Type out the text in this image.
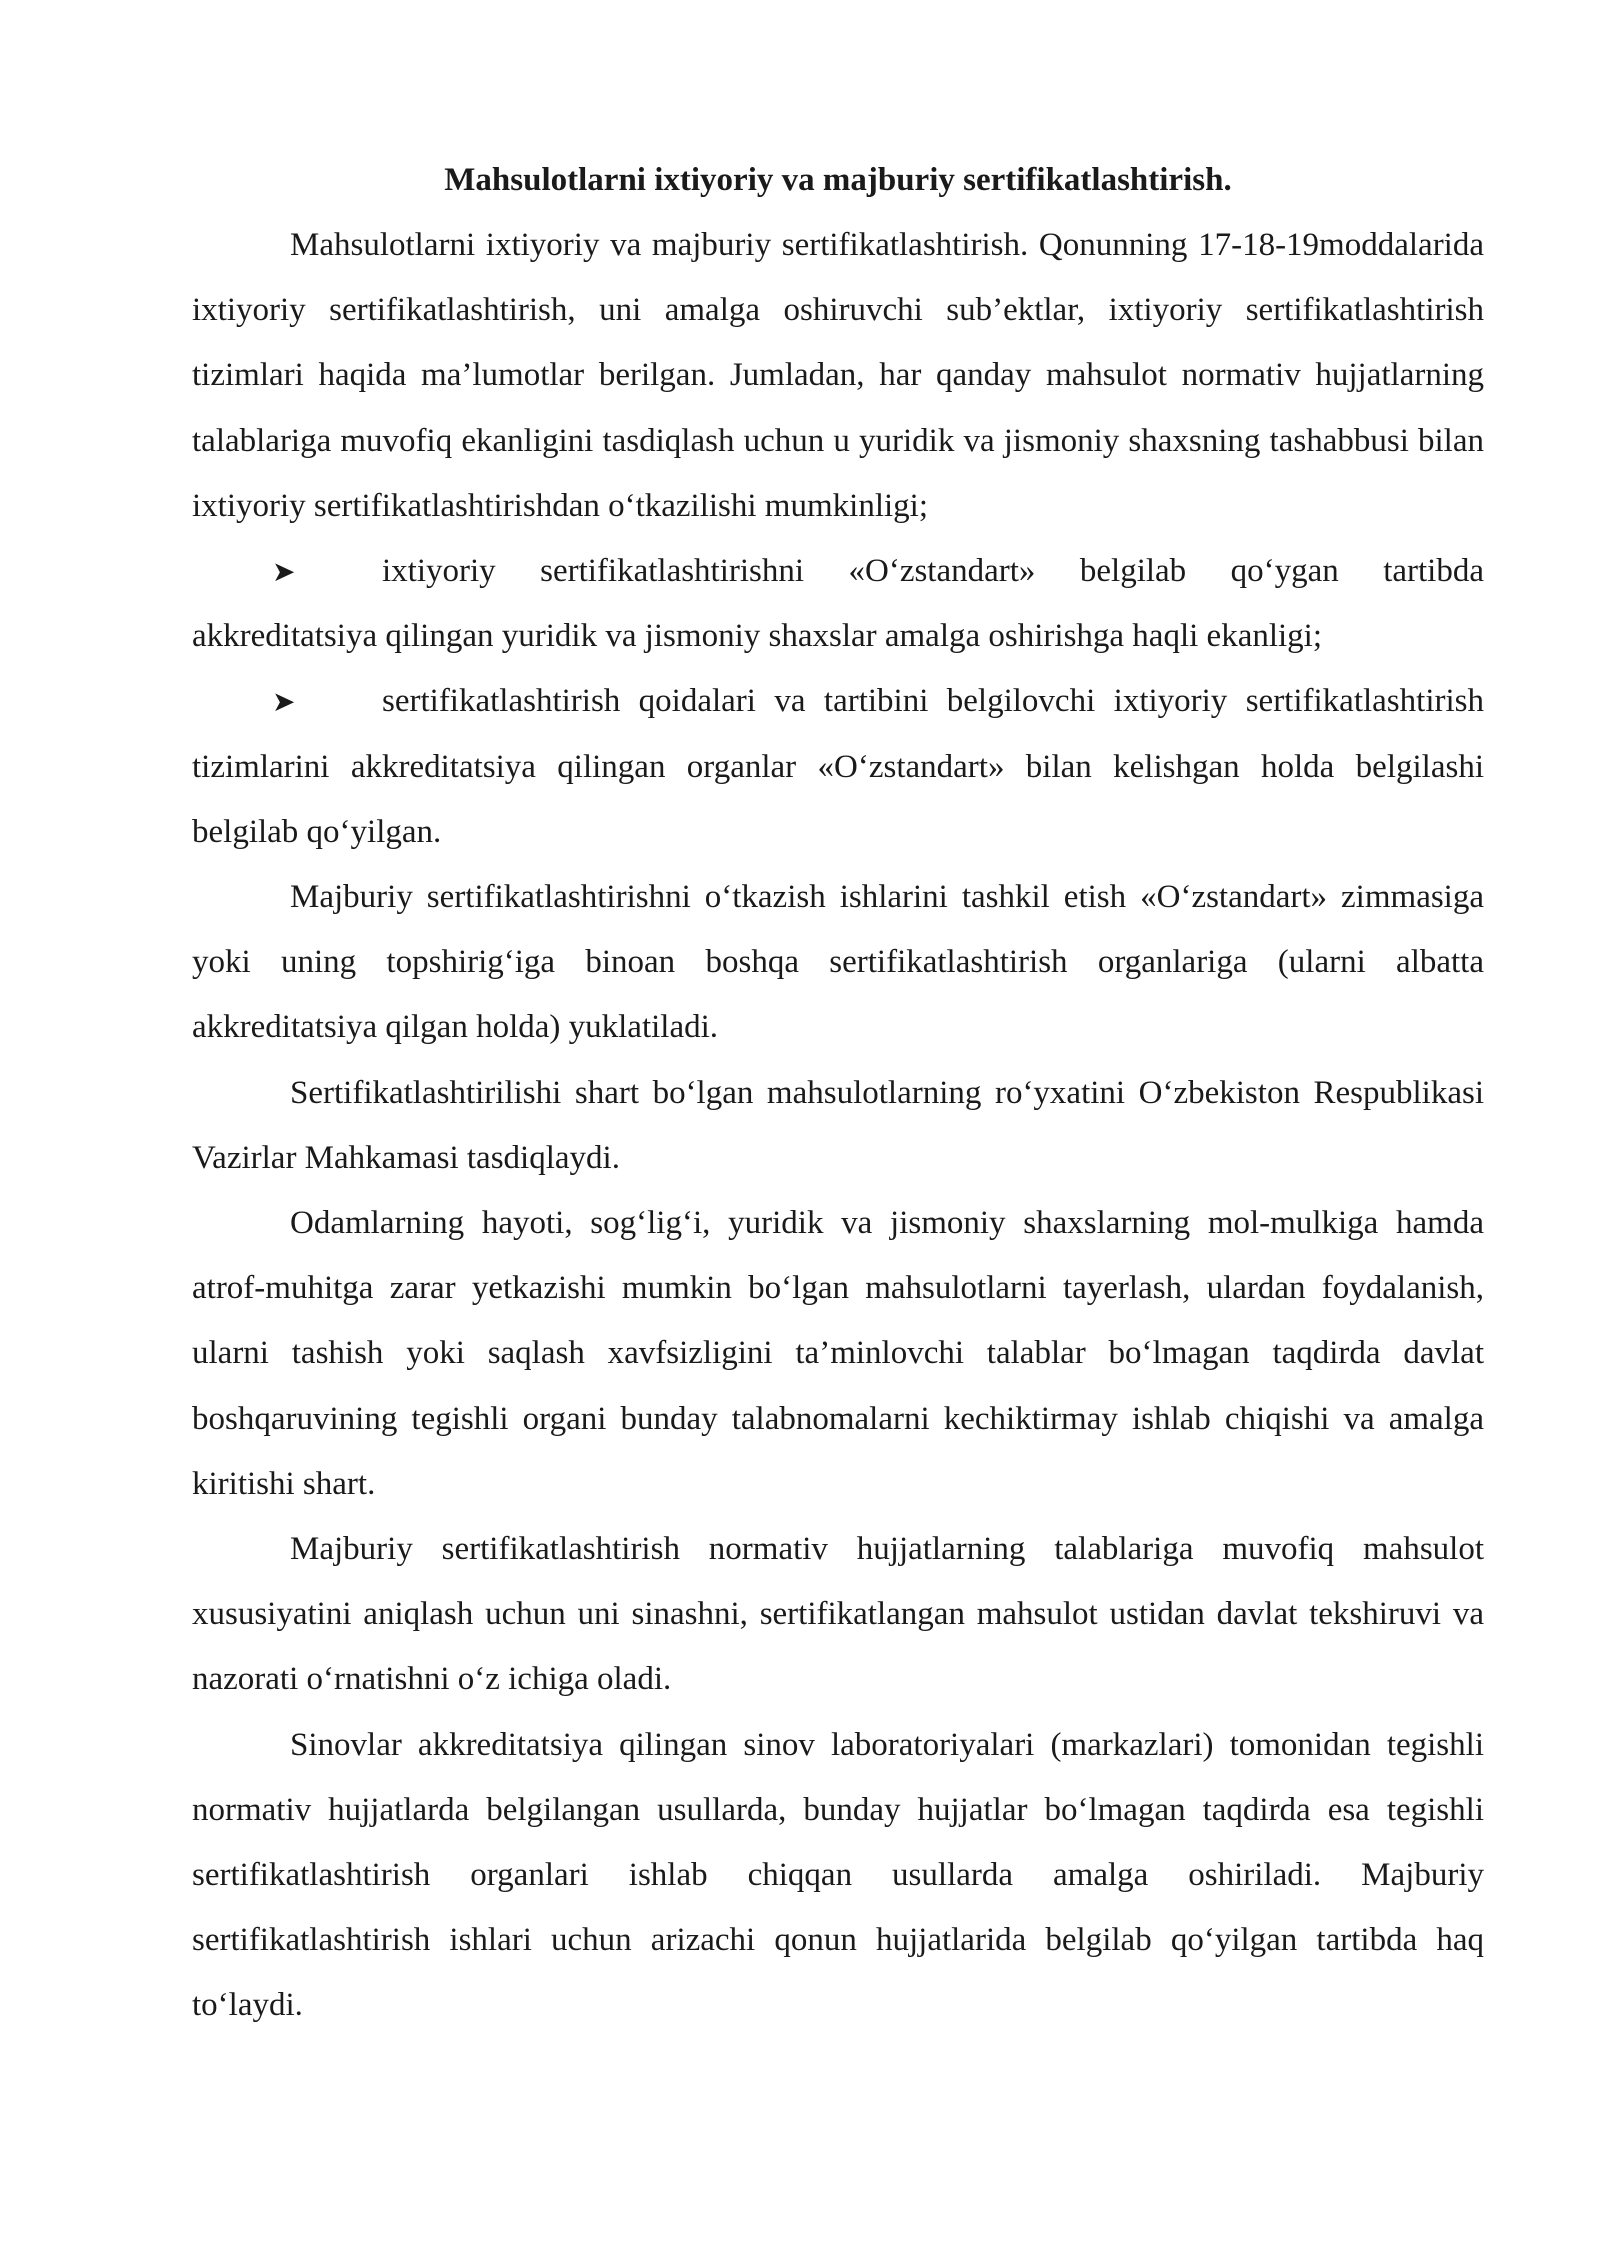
Mahsulotlarni ixtiyoriy va majburiy sertifikatlashtirish.

Mahsulotlarni ixtiyoriy va majburiy sertifikatlashtirish. Qonunning 17-18-19moddalarida ixtiyoriy sertifikatlashtirish, uni amalga oshiruvchi sub’ektlar, ixtiyoriy sertifikatlashtirish tizimlari haqida ma’lumotlar berilgan. Jumladan, har qanday mahsulot normativ hujjatlarning talablariga muvofiq ekanligini tasdiqlash uchun u yuridik va jismoniy shaxsning tashabbusi bilan ixtiyoriy sertifikatlashtirishdan o‘tkazilishi mumkinligi;

➤	ixtiyoriy sertifikatlashtirishni «O‘zstandart» belgilab qo‘ygan tartibda akkreditatsiya qilingan yuridik va jismoniy shaxslar amalga oshirishga haqli ekanligi;

➤	sertifikatlashtirish qoidalari va tartibini belgilovchi ixtiyoriy sertifikatlashtirish tizimlarini akkreditatsiya qilingan organlar «O‘zstandart» bilan kelishgan holda belgilashi belgilab qo‘yilgan.

Majburiy sertifikatlashtirishni o‘tkazish ishlarini tashkil etish «O‘zstandart» zimmasiga yoki uning topshirig‘iga binoan boshqa sertifikatlashtirish organlariga (ularni albatta akkreditatsiya qilgan holda) yuklatiladi.

Sertifikatlashtirilishi shart bo‘lgan mahsulotlarning ro‘yxatini O‘zbekiston Respublikasi Vazirlar Mahkamasi tasdiqlaydi.

Odamlarning hayoti, sog‘lig‘i, yuridik va jismoniy shaxslarning mol-mulkiga hamda atrof-muhitga zarar yetkazishi mumkin bo‘lgan mahsulotlarni tayerlash, ulardan foydalanish, ularni tashish yoki saqlash xavfsizligini ta’minlovchi talablar bo‘lmagan taqdirda davlat boshqaruvining tegishli organi bunday talabnomalarni kechiktirmay ishlab chiqishi va amalga kiritishi shart.

Majburiy sertifikatlashtirish normativ hujjatlarning talablariga muvofiq mahsulot xususiyatini aniqlash uchun uni sinashni, sertifikatlangan mahsulot ustidan davlat tekshiruvi va nazorati o‘rnatishni o‘z ichiga oladi.

Sinovlar akkreditatsiya qilingan sinov laboratoriyalari (markazlari) tomonidan tegishli normativ hujjatlarda belgilangan usullarda, bunday hujjatlar bo‘lmagan taqdirda esa tegishli sertifikatlashtirish organlari ishlab chiqqan usullarda amalga oshiriladi. Majburiy sertifikatlashtirish ishlari uchun arizachi qonun hujjatlarida belgilab qo‘yilgan tartibda haq to‘laydi.
